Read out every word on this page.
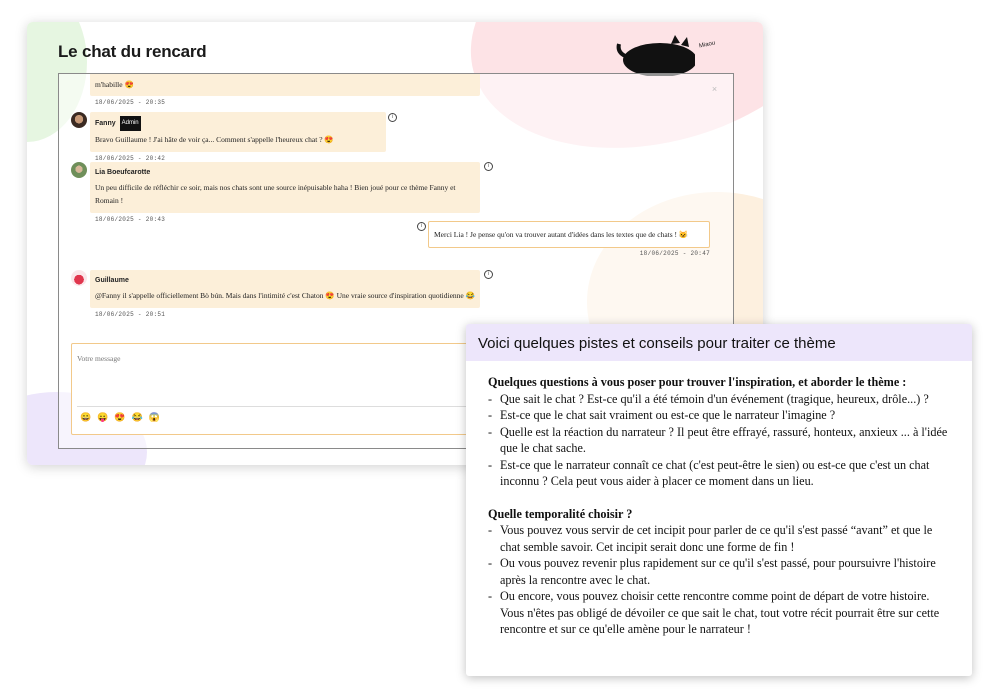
Le chat du rencard	Miaou
×
m'habille 😍
18/06/2025 - 20:35
i
Fanny Admin
Bravo Guillaume ! J'ai hâte de voir ça... Comment s'appelle l'heureux chat ? 😍
18/06/2025 - 20:42
i
Lia Boeufcarotte
Un peu difficile de réfléchir ce soir, mais nos chats sont une source inépuisable haha ! Bien joué pour ce thème Fanny et Romain !
18/06/2025 - 20:43
i
Merci Lia ! Je pense qu'on va trouver autant d'idées dans les textes que de chats ! 😺
18/06/2025 - 20:47
i
Guillaume
@Fanny il s'appelle officiellement Bò bún. Mais dans l'intimité c'est Chaton 😍 Une vraie source d'inspiration quotidienne 😂
18/06/2025 - 20:51
Votre message
😀😛😍😂😱
Voici quelques pistes et conseils pour traiter ce thème
Quelques questions à vous poser pour trouver l'inspiration, et aborder le thème :
- Que sait le chat ? Est-ce qu'il a été témoin d'un événement (tragique, heureux, drôle...) ?
- Est-ce que le chat sait vraiment ou est-ce que le narrateur l'imagine ?
- Quelle est la réaction du narrateur ? Il peut être effrayé, rassuré, honteux, anxieux ... à l'idée que le chat sache.
- Est-ce que le narrateur connaît ce chat (c'est peut-être le sien) ou est-ce que c'est un chat inconnu ? Cela peut vous aider à placer ce moment dans un lieu.
Quelle temporalité choisir ?
- Vous pouvez vous servir de cet incipit pour parler de ce qu'il s'est passé “avant” et que le chat semble savoir. Cet incipit serait donc une forme de fin !
- Ou vous pouvez revenir plus rapidement sur ce qu'il s'est passé, pour poursuivre l'histoire après la rencontre avec le chat.
- Ou encore, vous pouvez choisir cette rencontre comme point de départ de votre histoire. Vous n'êtes pas obligé de dévoiler ce que sait le chat, tout votre récit pourrait être sur cette rencontre et sur ce qu'elle amène pour le narrateur !
